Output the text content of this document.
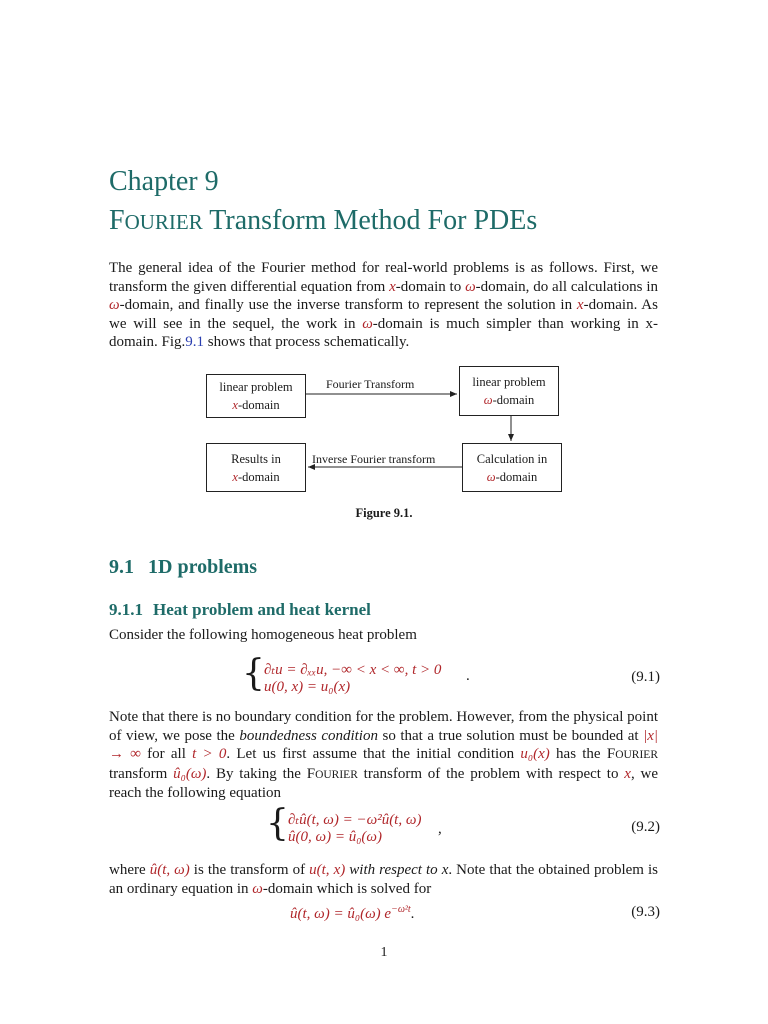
Chapter 9
FOURIER Transform Method For PDEs

The general idea of the Fourier method for real-world problems is as follows. First, we transform the given differential equation from x-domain to ω-domain, do all calculations in ω-domain, and finally use the inverse transform to represent the solution in x-domain. As we will see in the sequel, the work in ω-domain is much simpler than working in x-domain. Fig.9.1 shows that process schematically.

linear problem
x-domain
linear problem
ω-domain
Calculation in
ω-domain
Results in
x-domain
Fourier Transform
Inverse Fourier transform
Figure 9.1.
9.1 1D problems
9.1.1 Heat problem and heat kernel

Consider the following homogeneous heat problem

{ ∂ₜu = ∂ₓₓu, −∞ < x < ∞, t > 0
u(0, x) = u₀(x)
.	(9.1)

Note that there is no boundary condition for the problem. However, from the physical point of view, we pose the boundedness condition so that a true solution must be bounded at |x| → ∞ for all t > 0. Let us first assume that the initial condition u₀(x) has the FOURIER transform û₀(ω). By taking the FOURIER transform of the problem with respect to x, we reach the following equation

{ ∂ₜû(t, ω) = −ω²û(t, ω)
û(0, ω) = û₀(ω)	,	(9.2)

where û(t, ω) is the transform of u(t, x) with respect to x. Note that the obtained problem is an ordinary equation in ω-domain which is solved for

û(t, ω) = û₀(ω) $e^{-\omega^2t}$.	(9.3)
1
